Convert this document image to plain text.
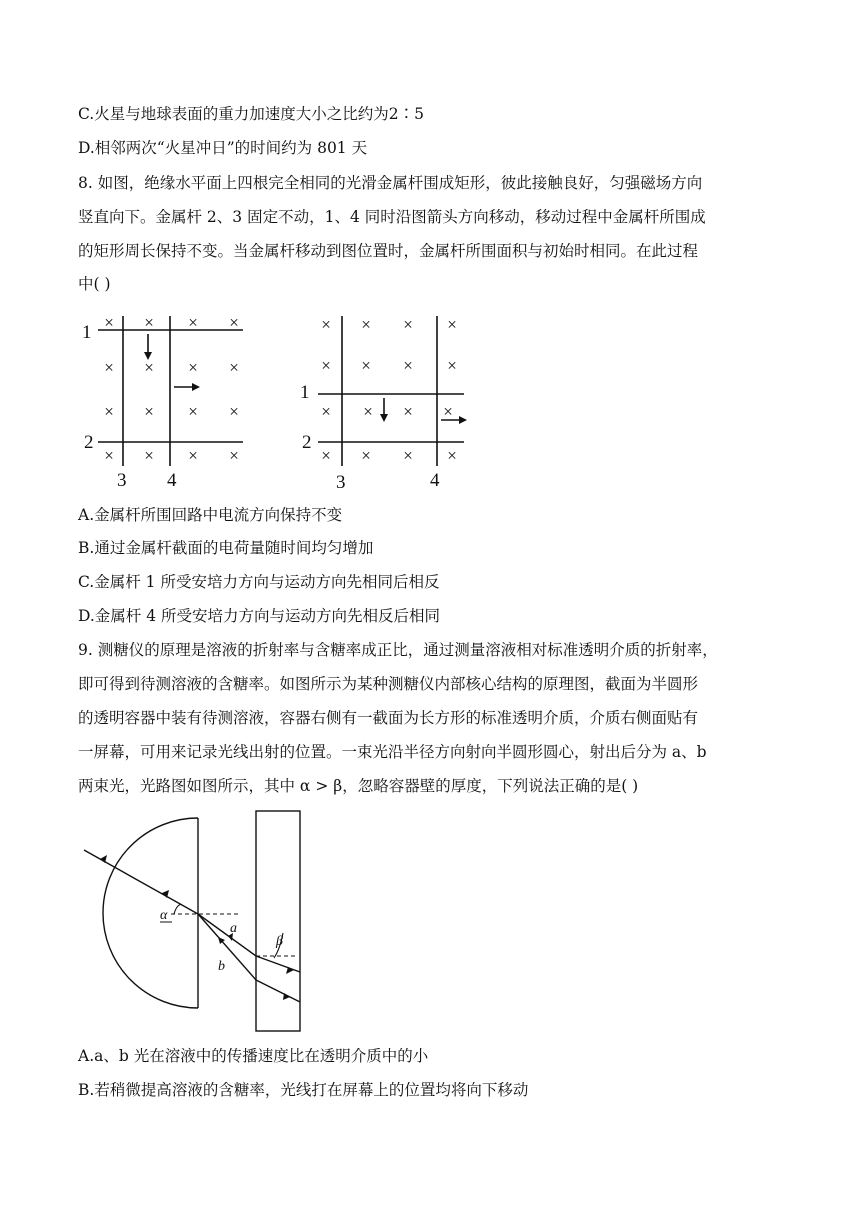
C.火星与地球表面的重力加速度大小之比约为2∶5
D.相邻两次“火星冲日”的时间约为 801 天
8. 如图，绝缘水平面上四根完全相同的光滑金属杆围成矩形，彼此接触良好，匀强磁场方向
竖直向下。金属杆 2、3 固定不动，1、4 同时沿图箭头方向移动，移动过程中金属杆所围成
的矩形周长保持不变。当金属杆移动到图位置时，金属杆所围面积与初始时相同。在此过程
中( )
× × × ×
× × × ×
× × × ×
× × × ×
1
2
3 4
× × × ×
× × × ×
× × × ×
× × × ×
1
2
3	4
A.金属杆所围回路中电流方向保持不变
B.通过金属杆截面的电荷量随时间均匀增加
C.金属杆 1 所受安培力方向与运动方向先相同后相反
D.金属杆 4 所受安培力方向与运动方向先相反后相同
9. 测糖仪的原理是溶液的折射率与含糖率成正比，通过测量溶液相对标准透明介质的折射率，
即可得到待测溶液的含糖率。如图所示为某种测糖仪内部核心结构的原理图，截面为半圆形
的透明容器中装有待测溶液，容器右侧有一截面为长方形的标准透明介质，介质右侧面贴有
一屏幕，可用来记录光线出射的位置。一束光沿半径方向射向半圆形圆心，射出后分为 a、b
两束光，光路图如图所示，其中 α > β，忽略容器壁的厚度，下列说法正确的是( )
α
β
a
b
A.a、b 光在溶液中的传播速度比在透明介质中的小
B.若稍微提高溶液的含糖率，光线打在屏幕上的位置均将向下移动
